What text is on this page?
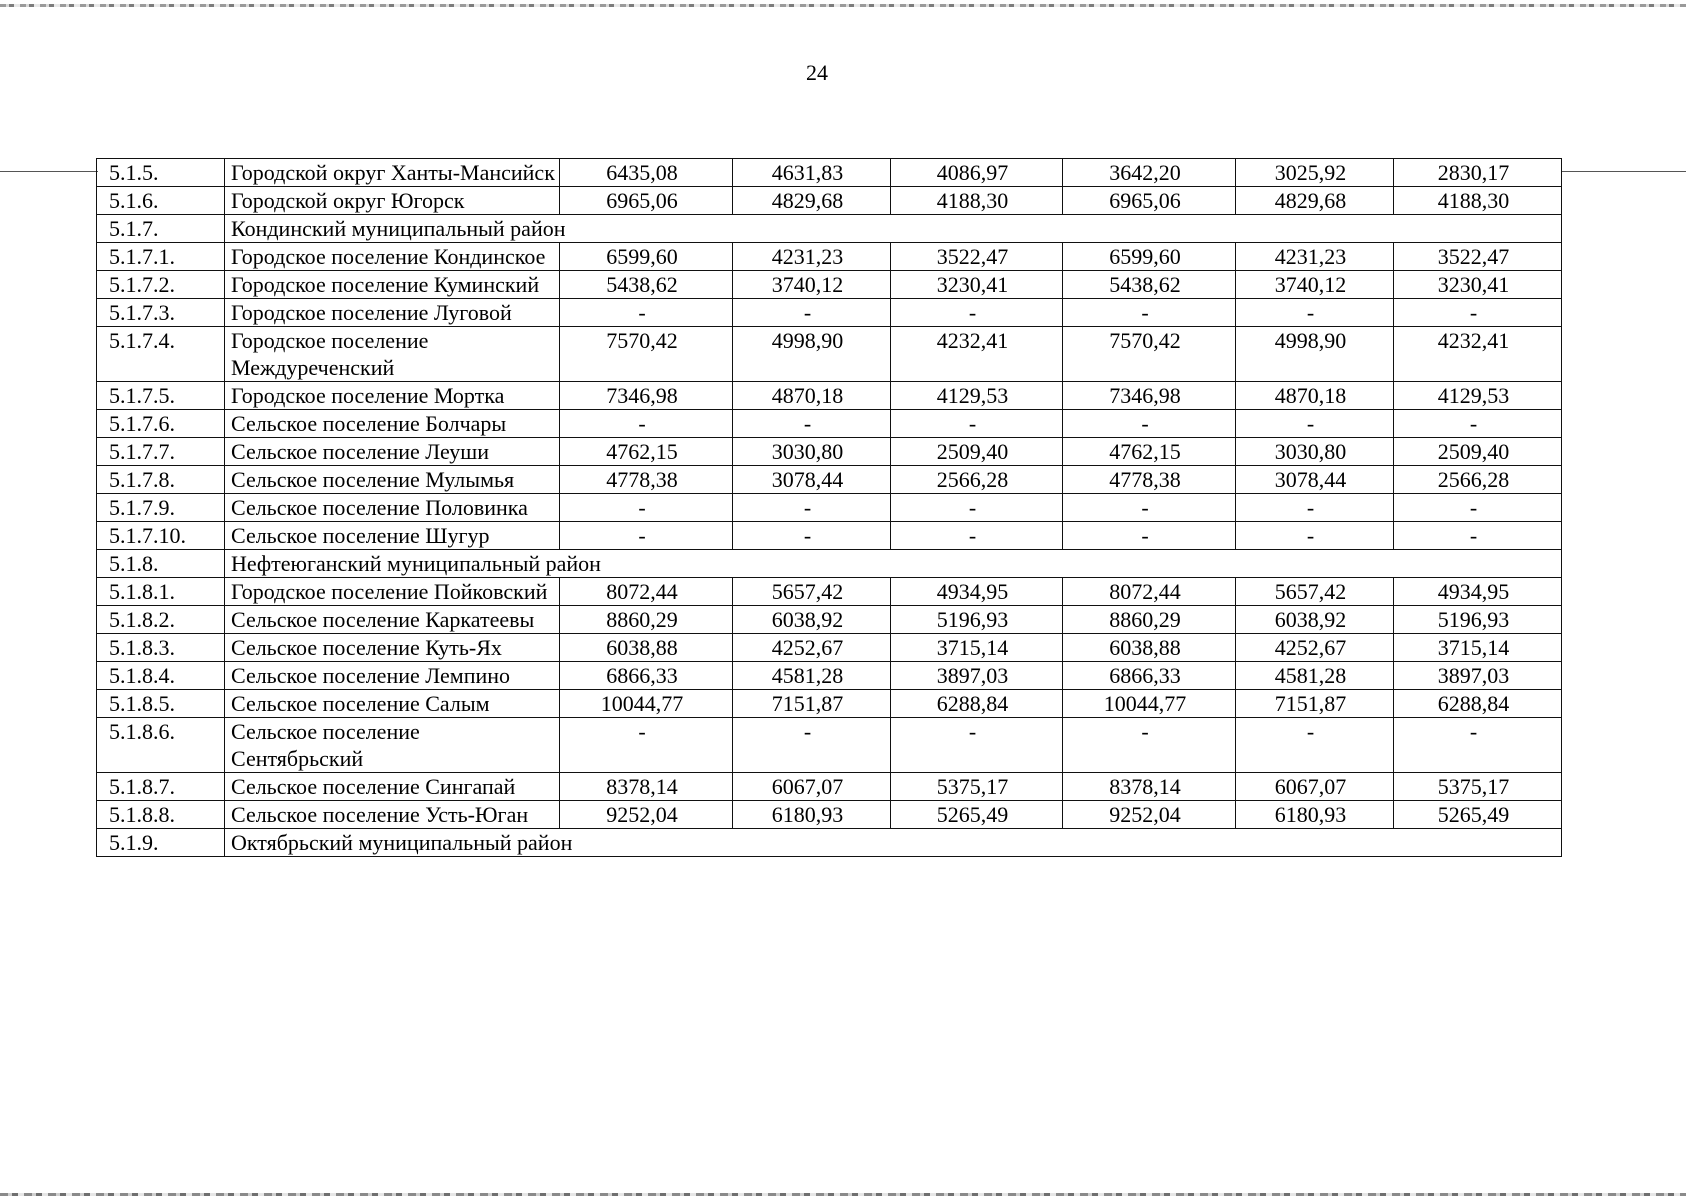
24
5.1.5.	Городской округ Ханты-Мансийск	6435,08	4631,83	4086,97	3642,20	3025,92	2830,17
5.1.6.	Городской округ Югорск	6965,06	4829,68	4188,30	6965,06	4829,68	4188,30
5.1.7.	Кондинский муниципальный район						
5.1.7.1.	Городское поселение Кондинское	6599,60	4231,23	3522,47	6599,60	4231,23	3522,47
5.1.7.2.	Городское поселение Куминский	5438,62	3740,12	3230,41	5438,62	3740,12	3230,41
5.1.7.3.	Городское поселение Луговой	-	-	-	-	-	-
5.1.7.4.	Городское поселение Междуреченский	7570,42	4998,90	4232,41	7570,42	4998,90	4232,41
5.1.7.5.	Городское поселение Мортка	7346,98	4870,18	4129,53	7346,98	4870,18	4129,53
5.1.7.6.	Сельское поселение Болчары	-	-	-	-	-	-
5.1.7.7.	Сельское поселение Леуши	4762,15	3030,80	2509,40	4762,15	3030,80	2509,40
5.1.7.8.	Сельское поселение Мулымья	4778,38	3078,44	2566,28	4778,38	3078,44	2566,28
5.1.7.9.	Сельское поселение Половинка	-	-	-	-	-	-
5.1.7.10.	Сельское поселение Шугур	-	-	-	-	-	-
5.1.8.	Нефтеюганский муниципальный район						
5.1.8.1.	Городское поселение Пойковский	8072,44	5657,42	4934,95	8072,44	5657,42	4934,95
5.1.8.2.	Сельское поселение Каркатеевы	8860,29	6038,92	5196,93	8860,29	6038,92	5196,93
5.1.8.3.	Сельское поселение Куть-Ях	6038,88	4252,67	3715,14	6038,88	4252,67	3715,14
5.1.8.4.	Сельское поселение Лемпино	6866,33	4581,28	3897,03	6866,33	4581,28	3897,03
5.1.8.5.	Сельское поселение Салым	10044,77	7151,87	6288,84	10044,77	7151,87	6288,84
5.1.8.6.	Сельское поселение Сентябрьский	-	-	-	-	-	-
5.1.8.7.	Сельское поселение Сингапай	8378,14	6067,07	5375,17	8378,14	6067,07	5375,17
5.1.8.8.	Сельское поселение Усть-Юган	9252,04	6180,93	5265,49	9252,04	6180,93	5265,49
5.1.9.	Октябрьский муниципальный район						
